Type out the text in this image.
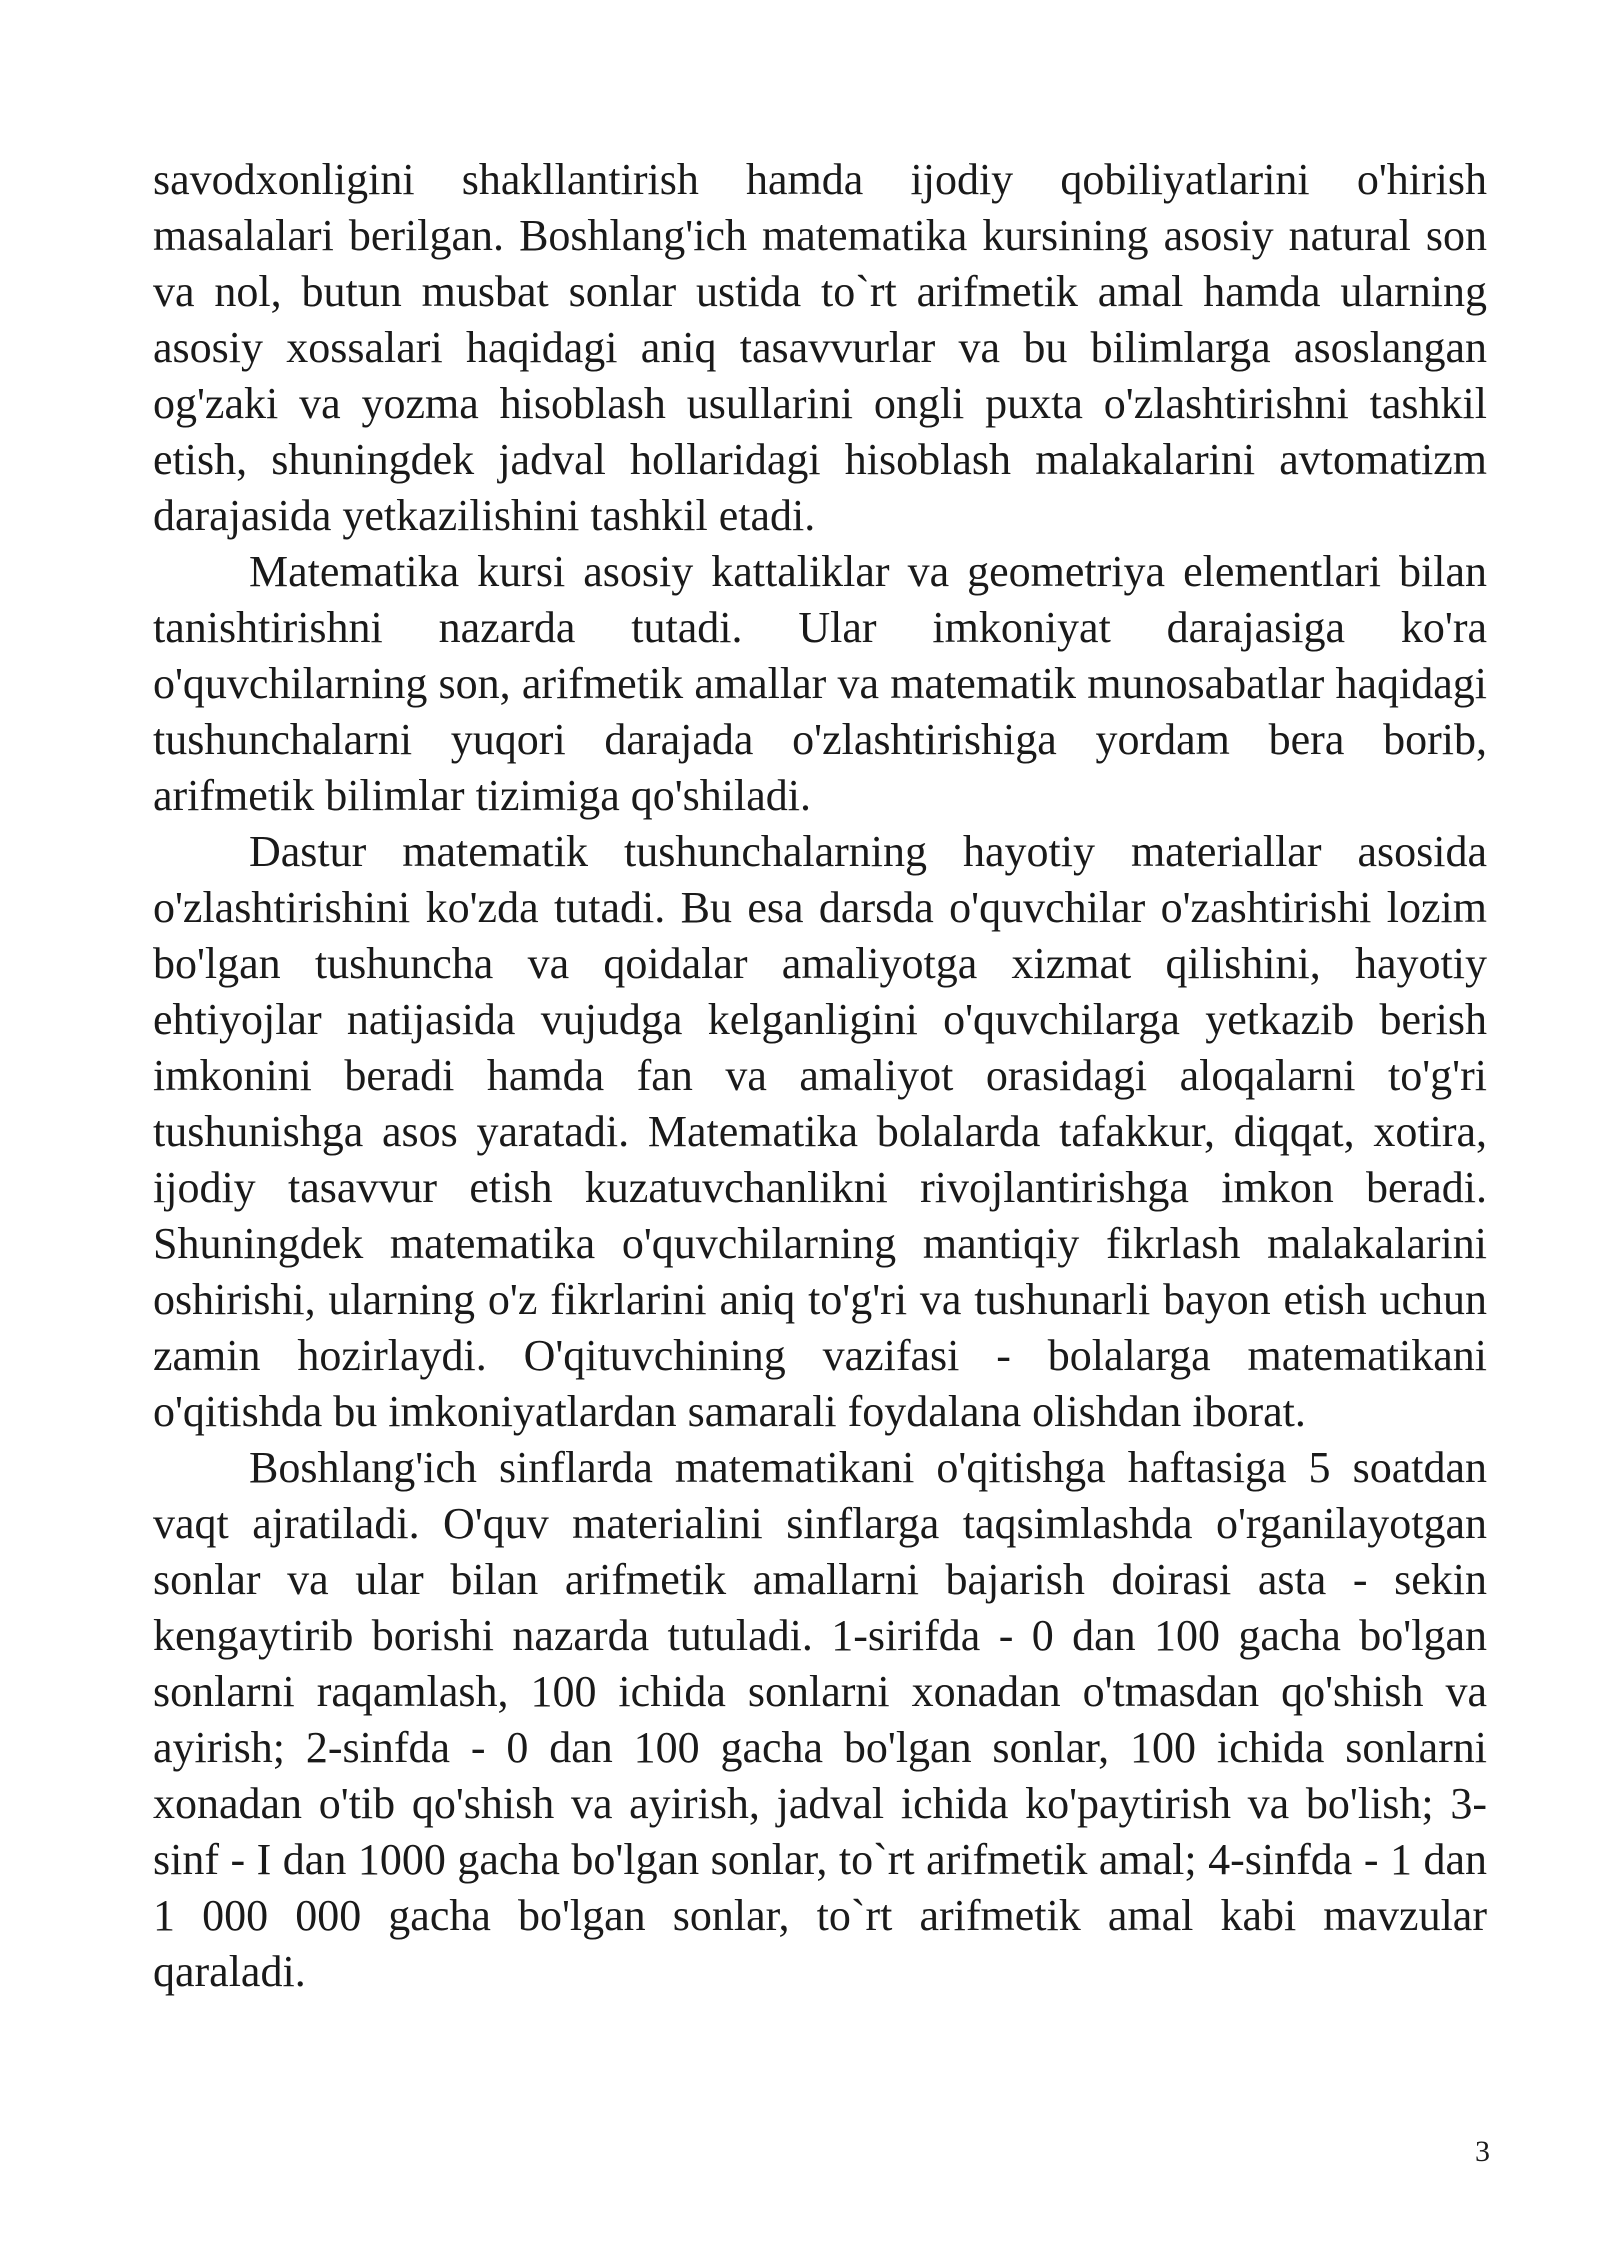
savodxonligini shakllantirish hamda ijodiy qobiliyatlarini o'hirish masalalari berilgan. Boshlang'ich matematika kursining asosiy natural son va nol, butun musbat sonlar ustida to`rt arifmetik amal hamda ularning asosiy xossalari haqidagi aniq tasavvurlar va bu bilimlarga asoslangan og'zaki va yozma hisoblash usullarini ongli puxta o'zlashtirishni tashkil etish, shuningdek jadval hollaridagi hisoblash malakalarini avtomatizm darajasida yetkazilishini tashkil etadi.

Matematika kursi asosiy kattaliklar va geometriya elementlari bilan tanishtirishni nazarda tutadi. Ular imkoniyat darajasiga ko'ra o'quvchilarning son, arifmetik amallar va matematik munosabatlar haqidagi tushunchalarni yuqori darajada o'zlashtirishiga yordam bera borib, arifmetik bilimlar tizimiga qo'shiladi.

Dastur matematik tushunchalarning hayotiy materiallar asosida o'zlashtirishini ko'zda tutadi. Bu esa darsda o'quvchilar o'zashtirishi lozim bo'lgan tushuncha va qoidalar amaliyotga xizmat qilishini, hayotiy ehtiyojlar natijasida vujudga kelganligini o'quvchilarga yetkazib berish imkonini beradi hamda fan va amaliyot orasidagi aloqalarni to'g'ri tushunishga asos yaratadi. Matematika bolalarda tafakkur, diqqat, xotira, ijodiy tasavvur etish kuzatuvchanlikni rivojlantirishga imkon beradi. Shuningdek matematika o'quvchilarning mantiqiy fikrlash malakalarini oshirishi, ularning o'z fikrlarini aniq to'g'ri va tushunarli bayon etish uchun zamin hozirlaydi. O'qituvchining vazifasi - bolalarga matematikani o'qitishda bu imkoniyatlardan samarali foydalana olishdan iborat.

Boshlang'ich sinflarda matematikani o'qitishga haftasiga 5 soatdan vaqt ajratiladi. O'quv materialini sinflarga taqsimlashda o'rganilayotgan sonlar va ular bilan arifmetik amallarni bajarish doirasi asta - sekin kengaytirib borishi nazarda tutuladi. 1-sirifda - 0 dan 100 gacha bo'lgan sonlarni raqamlash, 100 ichida sonlarni xonadan o'tmasdan qo'shish va ayirish; 2-sinfda - 0 dan 100 gacha bo'lgan sonlar, 100 ichida sonlarni xonadan o'tib qo'shish va ayirish, jadval ichida ko'paytirish va bo'lish; 3-sinf - I dan 1000 gacha bo'lgan sonlar, to`rt arifmetik amal; 4-sinfda - 1 dan 1 000 000 gacha bo'lgan sonlar, to`rt arifmetik amal kabi mavzular qaraladi.

3
